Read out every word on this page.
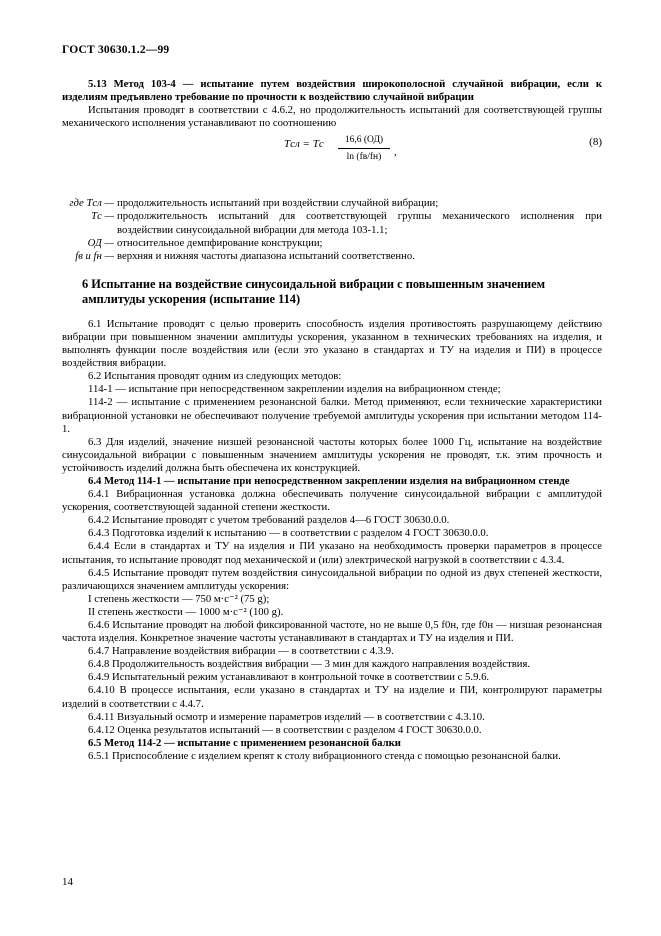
ГОСТ 30630.1.2—99

5.13 Метод 103-4 — испытание путем воздействия широкополосной случайной вибрации, если к изделиям предъявлено требование по прочности к воздействию случайной вибрации

Испытания проводят в соответствии с 4.6.2, но продолжительность испытаний для соответствующей группы механического исполнения устанавливают по соотношению

Tсл = Tс	16,6 (ОД)
ln (fв/fн)	,
(8)
где Tсл — продолжительность испытаний при воздействии случайной вибрации;
Tс — продолжительность испытаний для соответствующей группы механического исполнения при воздействии синусоидальной вибрации для метода 103-1.1;
ОД — относительное демпфирование конструкции;
fв и fн — верхняя и нижняя частоты диапазона испытаний соответственно.
6 Испытание на воздействие синусоидальной вибрации с повышенным значением амплитуды ускорения (испытание 114)

6.1 Испытание проводят с целью проверить способность изделия противостоять разрушающему действию вибрации при повышенном значении амплитуды ускорения, указанном в технических требованиях на изделия, и выполнять функции после воздействия или (если это указано в стандартах и ТУ на изделия и ПИ) в процессе воздействия вибрации.

6.2 Испытания проводят одним из следующих методов:

114-1 — испытание при непосредственном закреплении изделия на вибрационном стенде;

114-2 — испытание с применением резонансной балки. Метод применяют, если технические характеристики вибрационной установки не обеспечивают получение требуемой амплитуды ускорения при испытании методом 114-1.

6.3 Для изделий, значение низшей резонансной частоты которых более 1000 Гц, испытание на воздействие синусоидальной вибрации с повышенным значением амплитуды ускорения не проводят, т.к. этим прочность и устойчивость изделий должна быть обеспечена их конструкцией.

6.4 Метод 114-1 — испытание при непосредственном закреплении изделия на вибрационном стенде

6.4.1 Вибрационная установка должна обеспечивать получение синусоидальной вибрации с амплитудой ускорения, соответствующей заданной степени жесткости.

6.4.2 Испытание проводят с учетом требований разделов 4—6 ГОСТ 30630.0.0.

6.4.3 Подготовка изделий к испытанию — в соответствии с разделом 4 ГОСТ 30630.0.0.

6.4.4 Если в стандартах и ТУ на изделия и ПИ указано на необходимость проверки параметров в процессе испытания, то испытание проводят под механической и (или) электрической нагрузкой в соответствии с 4.3.4.

6.4.5 Испытание проводят путем воздействия синусоидальной вибрации по одной из двух степеней жесткости, различающихся значением амплитуды ускорения:

I степень жесткости — 750 м·с⁻² (75 g);

II степень жесткости — 1000 м·с⁻² (100 g).

6.4.6 Испытание проводят на любой фиксированной частоте, но не выше 0,5 f0н, где f0н — низшая резонансная частота изделия. Конкретное значение частоты устанавливают в стандартах и ТУ на изделия и ПИ.

6.4.7 Направление воздействия вибрации — в соответствии с 4.3.9.

6.4.8 Продолжительность воздействия вибрации — 3 мин для каждого направления воздействия.

6.4.9 Испытательный режим устанавливают в контрольной точке в соответствии с 5.9.6.

6.4.10 В процессе испытания, если указано в стандартах и ТУ на изделие и ПИ, контролируют параметры изделий в соответствии с 4.4.7.

6.4.11 Визуальный осмотр и измерение параметров изделий — в соответствии с 4.3.10.

6.4.12 Оценка результатов испытаний — в соответствии с разделом 4 ГОСТ 30630.0.0.

6.5 Метод 114-2 — испытание с применением резонансной балки

6.5.1 Приспособление с изделием крепят к столу вибрационного стенда с помощью резонансной балки.

14
